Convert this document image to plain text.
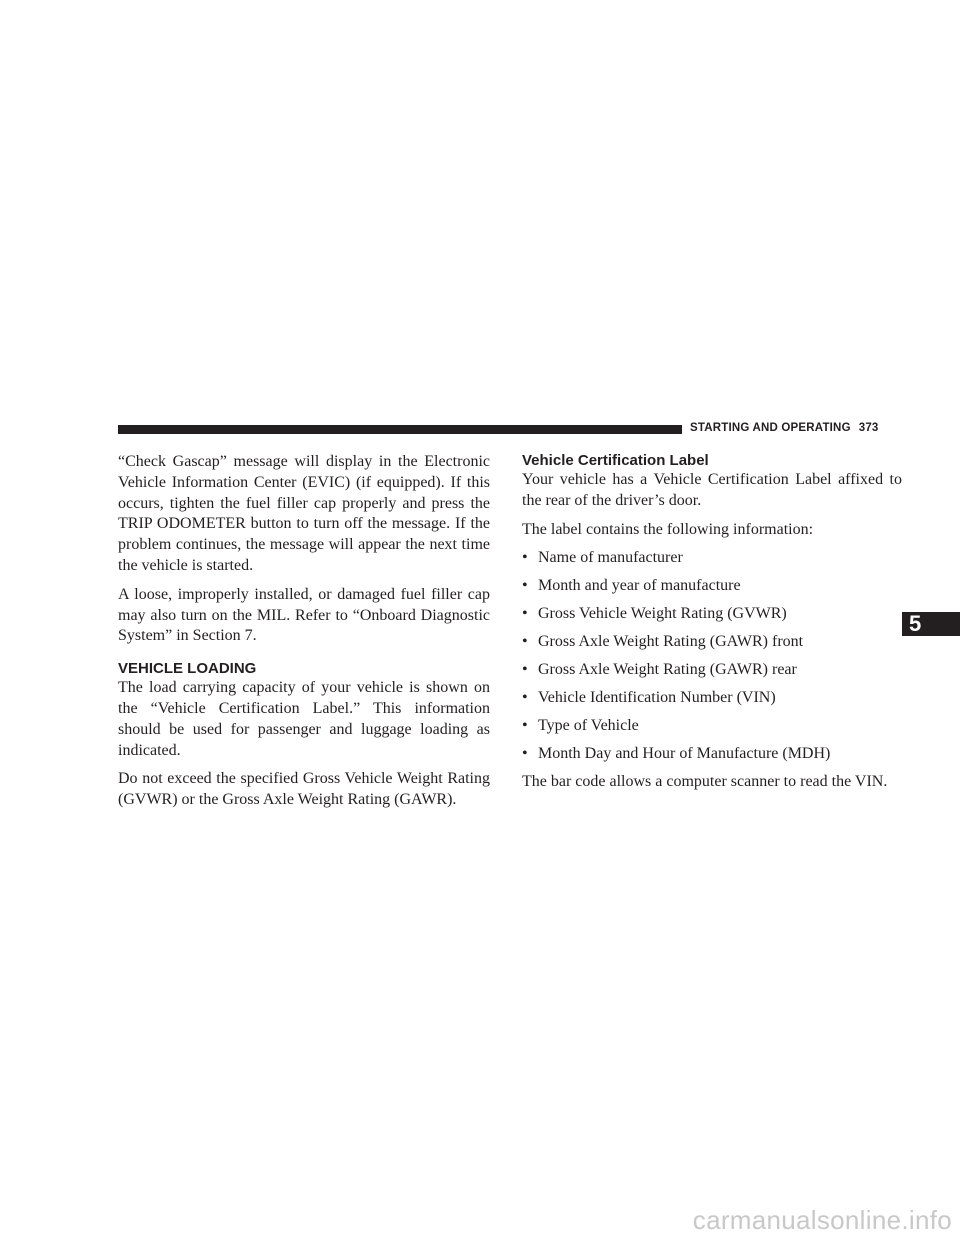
STARTING AND OPERATING 373

“Check Gascap” message will display in the Electronic Vehicle Information Center (EVIC) (if equipped). If this occurs, tighten the fuel filler cap properly and press the TRIP ODOMETER button to turn off the message. If the problem continues, the message will appear the next time the vehicle is started.

A loose, improperly installed, or damaged fuel filler cap may also turn on the MIL. Refer to “Onboard Diagnostic System” in Section 7.

VEHICLE LOADING

The load carrying capacity of your vehicle is shown on the “Vehicle Certification Label.” This information should be used for passenger and luggage loading as indicated.

Do not exceed the specified Gross Vehicle Weight Rating (GVWR) or the Gross Axle Weight Rating (GAWR).

Vehicle Certification Label

Your vehicle has a Vehicle Certification Label affixed to the rear of the driver’s door.

The label contains the following information:

• Name of manufacturer
• Month and year of manufacture
• Gross Vehicle Weight Rating (GVWR)
• Gross Axle Weight Rating (GAWR) front
• Gross Axle Weight Rating (GAWR) rear
• Vehicle Identification Number (VIN)
• Type of Vehicle
• Month Day and Hour of Manufacture (MDH)

The bar code allows a computer scanner to read the VIN.

5
carmanualsonline.info
